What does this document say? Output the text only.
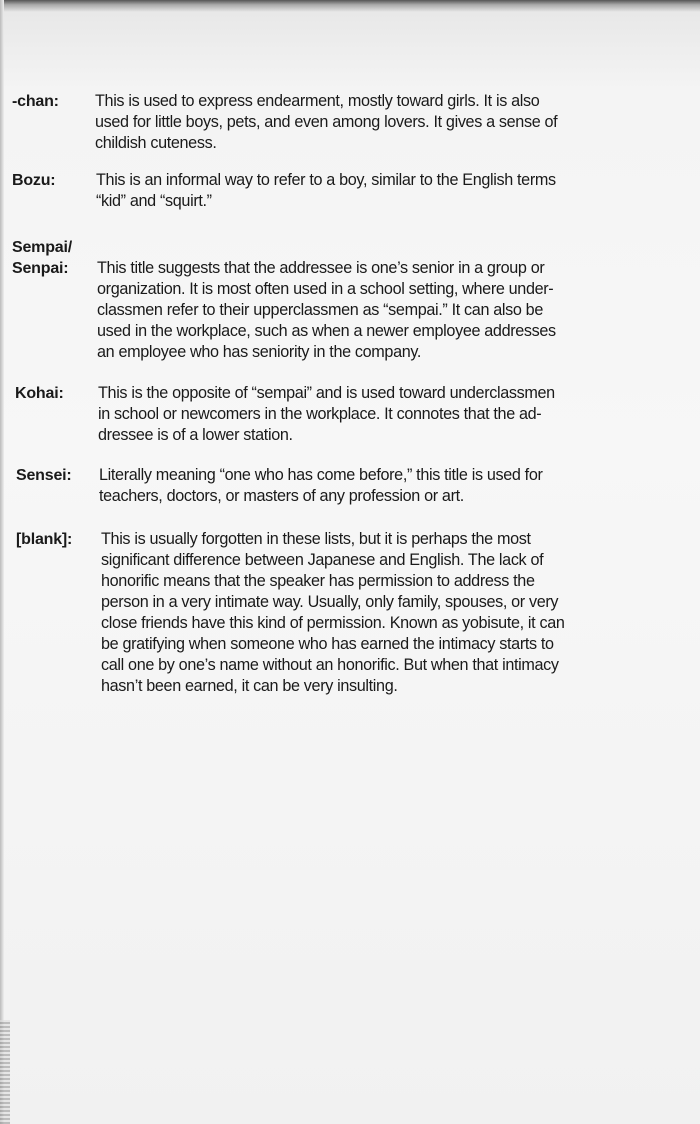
-chan: This is used to express endearment, mostly toward girls. It is also
used for little boys, pets, and even among lovers. It gives a sense of
childish cuteness.
Bozu:	This is an informal way to refer to a boy, similar to the English terms
“kid” and “squirt.”
Sempai/
Senpai: This title suggests that the addressee is one’s senior in a group or
organization. It is most often used in a school setting, where under-
classmen refer to their upperclassmen as “sempai.” It can also be
used in the workplace, such as when a newer employee addresses
an employee who has seniority in the company.
Kohai: This is the opposite of “sempai” and is used toward underclassmen
in school or newcomers in the workplace. It connotes that the ad-
dressee is of a lower station.
Sensei: Literally meaning “one who has come before,” this title is used for
teachers, doctors, or masters of any profession or art.
[blank]: This is usually forgotten in these lists, but it is perhaps the most
significant difference between Japanese and English. The lack of
honorific means that the speaker has permission to address the
person in a very intimate way. Usually, only family, spouses, or very
close friends have this kind of permission. Known as yobisute, it can
be gratifying when someone who has earned the intimacy starts to
call one by one’s name without an honorific. But when that intimacy
hasn’t been earned, it can be very insulting.
